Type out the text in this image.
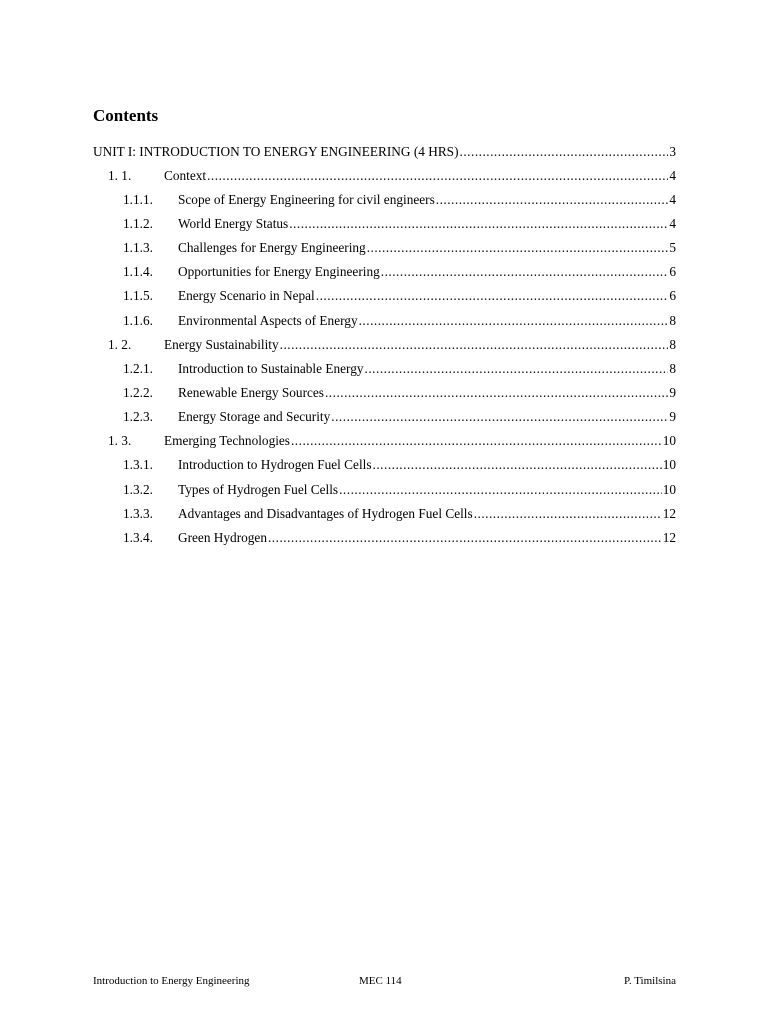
Contents
UNIT I: INTRODUCTION TO ENERGY ENGINEERING (4 HRS) .....	3
1. 1.	Context .....	4
1.1.1.	Scope of Energy Engineering for civil engineers .....	4
1.1.2.	World Energy Status .....	4
1.1.3.	Challenges for Energy Engineering .....	5
1.1.4.	Opportunities for Energy Engineering .....	6
1.1.5.	Energy Scenario in Nepal .....	6
1.1.6.	Environmental Aspects of Energy .....	8
1. 2.	Energy Sustainability .....	8
1.2.1.	Introduction to Sustainable Energy .....	8
1.2.2.	Renewable Energy Sources .....	9
1.2.3.	Energy Storage and Security .....	9
1. 3.	Emerging Technologies .....	10
1.3.1.	Introduction to Hydrogen Fuel Cells .....	10
1.3.2.	Types of Hydrogen Fuel Cells .....	10
1.3.3.	Advantages and Disadvantages of Hydrogen Fuel Cells .....	12
1.3.4.	Green Hydrogen .....	12
Introduction to Energy Engineering	MEC 114	P. Timilsina
